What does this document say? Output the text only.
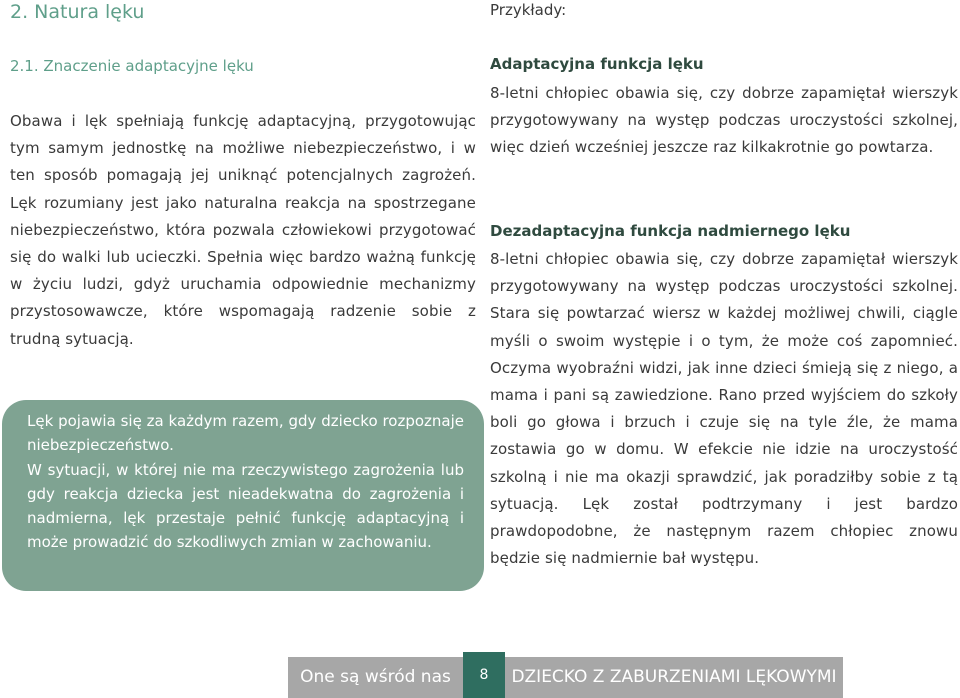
2. Natura lęku
2.1. Znaczenie adaptacyjne lęku
Obawa i lęk spełniają funkcję adaptacyjną, przygotowując tym samym jednostkę na możliwe niebezpieczeństwo, i w ten sposób pomagają jej uniknąć potencjalnych zagrożeń. Lęk rozumiany jest jako naturalna reakcja na spostrzegane niebezpieczeństwo, która pozwala człowiekowi przygotować się do walki lub ucieczki. Spełnia więc bardzo ważną funkcję w życiu ludzi, gdyż uruchamia odpowiednie mechanizmy przystosowawcze, które wspomagają radzenie sobie z trudną sytuacją.

Lęk pojawia się za każdym razem, gdy dziecko rozpoznaje niebezpieczeństwo.

W sytuacji, w której nie ma rzeczywistego zagrożenia lub gdy reakcja dziecka jest nieadekwatna do zagrożenia i nadmierna, lęk przestaje pełnić funkcję adaptacyjną i może prowadzić do szkodliwych zmian w zachowaniu.

Przykłady:
Adaptacyjna funkcja lęku
8-letni chłopiec obawia się, czy dobrze zapamiętał wierszyk przygotowywany na występ podczas uroczystości szkolnej, więc dzień wcześniej jeszcze raz kilkakrotnie go powtarza.
Dezadaptacyjna funkcja nadmiernego lęku
8-letni chłopiec obawia się, czy dobrze zapamiętał wierszyk przygotowywany na występ podczas uroczystości szkolnej. Stara się powtarzać wiersz w każdej możliwej chwili, ciągle myśli o swoim występie i o tym, że może coś zapomnieć. Oczyma wyobraźni widzi, jak inne dzieci śmieją się z niego, a mama i pani są zawiedzione. Rano przed wyjściem do szkoły boli go głowa i brzuch i czuje się na tyle źle, że mama zostawia go w domu. W efekcie nie idzie na uroczystość szkolną i nie ma okazji sprawdzić, jak poradziłby sobie z tą sytuacją. Lęk został podtrzymany i jest bardzo prawdopodobne, że następnym razem chłopiec znowu będzie się nadmiernie bał występu.
One są wśród nas	8	DZIECKO Z ZABURZENIAMI LĘKOWYMI
